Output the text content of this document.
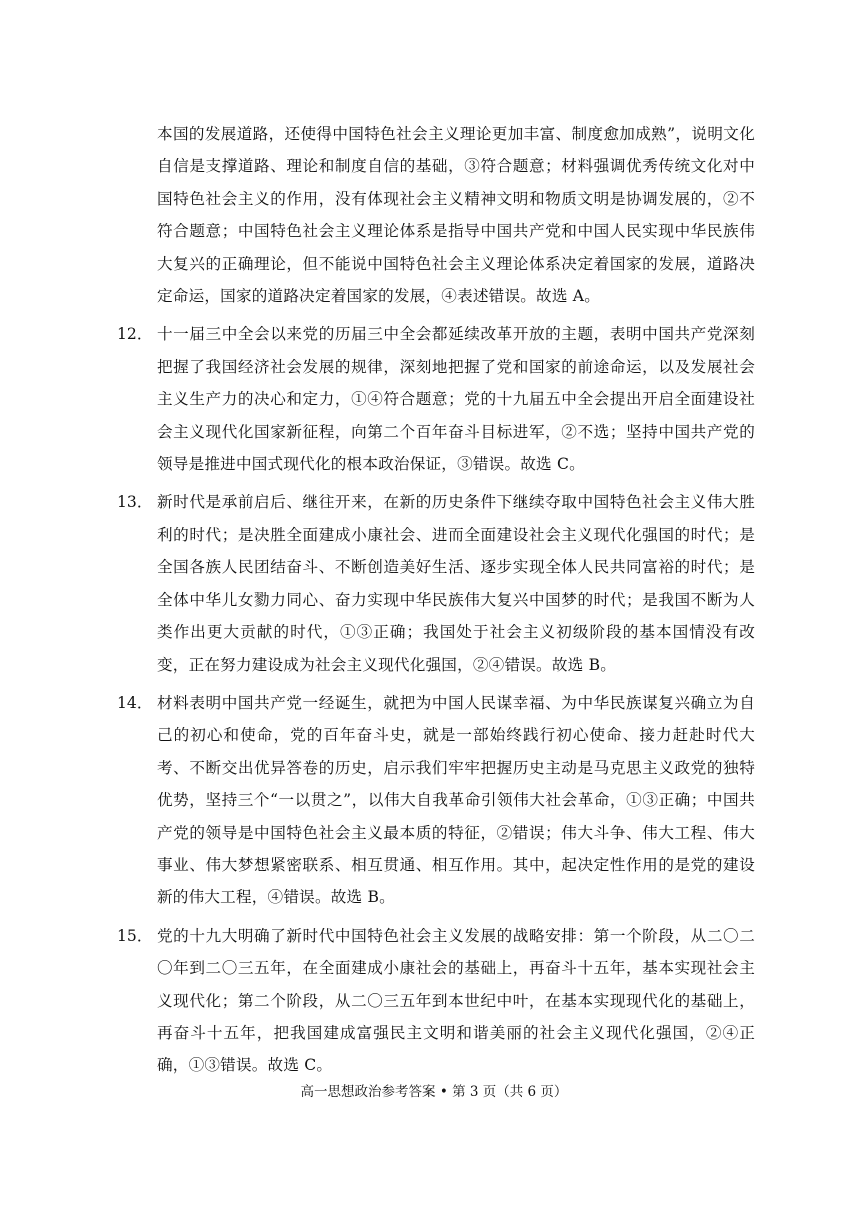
本国的发展道路，还使得中国特色社会主义理论更加丰富、制度愈加成熟”，说明文化自信是支撑道路、理论和制度自信的基础，③符合题意；材料强调优秀传统文化对中国特色社会主义的作用，没有体现社会主义精神文明和物质文明是协调发展的，②不符合题意；中国特色社会主义理论体系是指导中国共产党和中国人民实现中华民族伟大复兴的正确理论，但不能说中国特色社会主义理论体系决定着国家的发展，道路决定命运，国家的道路决定着国家的发展，④表述错误。故选 A。

12． 十一届三中全会以来党的历届三中全会都延续改革开放的主题，表明中国共产党深刻把握了我国经济社会发展的规律，深刻地把握了党和国家的前途命运，以及发展社会主义生产力的决心和定力，①④符合题意；党的十九届五中全会提出开启全面建设社会主义现代化国家新征程，向第二个百年奋斗目标进军，②不选；坚持中国共产党的领导是推进中国式现代化的根本政治保证，③错误。故选 C。
13． 新时代是承前启后、继往开来，在新的历史条件下继续夺取中国特色社会主义伟大胜利的时代；是决胜全面建成小康社会、进而全面建设社会主义现代化强国的时代；是全国各族人民团结奋斗、不断创造美好生活、逐步实现全体人民共同富裕的时代；是全体中华儿女勠力同心、奋力实现中华民族伟大复兴中国梦的时代；是我国不断为人类作出更大贡献的时代，①③正确；我国处于社会主义初级阶段的基本国情没有改变，正在努力建设成为社会主义现代化强国，②④错误。故选 B。
14． 材料表明中国共产党一经诞生，就把为中国人民谋幸福、为中华民族谋复兴确立为自己的初心和使命，党的百年奋斗史，就是一部始终践行初心使命、接力赶赴时代大考、不断交出优异答卷的历史，启示我们牢牢把握历史主动是马克思主义政党的独特优势，坚持三个“一以贯之”，以伟大自我革命引领伟大社会革命，①③正确；中国共产党的领导是中国特色社会主义最本质的特征，②错误；伟大斗争、伟大工程、伟大事业、伟大梦想紧密联系、相互贯通、相互作用。其中，起决定性作用的是党的建设新的伟大工程，④错误。故选 B。
15． 党的十九大明确了新时代中国特色社会主义发展的战略安排：第一个阶段，从二〇二〇年到二〇三五年，在全面建成小康社会的基础上，再奋斗十五年，基本实现社会主义现代化；第二个阶段，从二〇三五年到本世纪中叶，在基本实现现代化的基础上，再奋斗十五年，把我国建成富强民主文明和谐美丽的社会主义现代化强国，②④正确，①③错误。故选 C。
高一思想政治参考答案 • 第 3 页（共 6 页）
